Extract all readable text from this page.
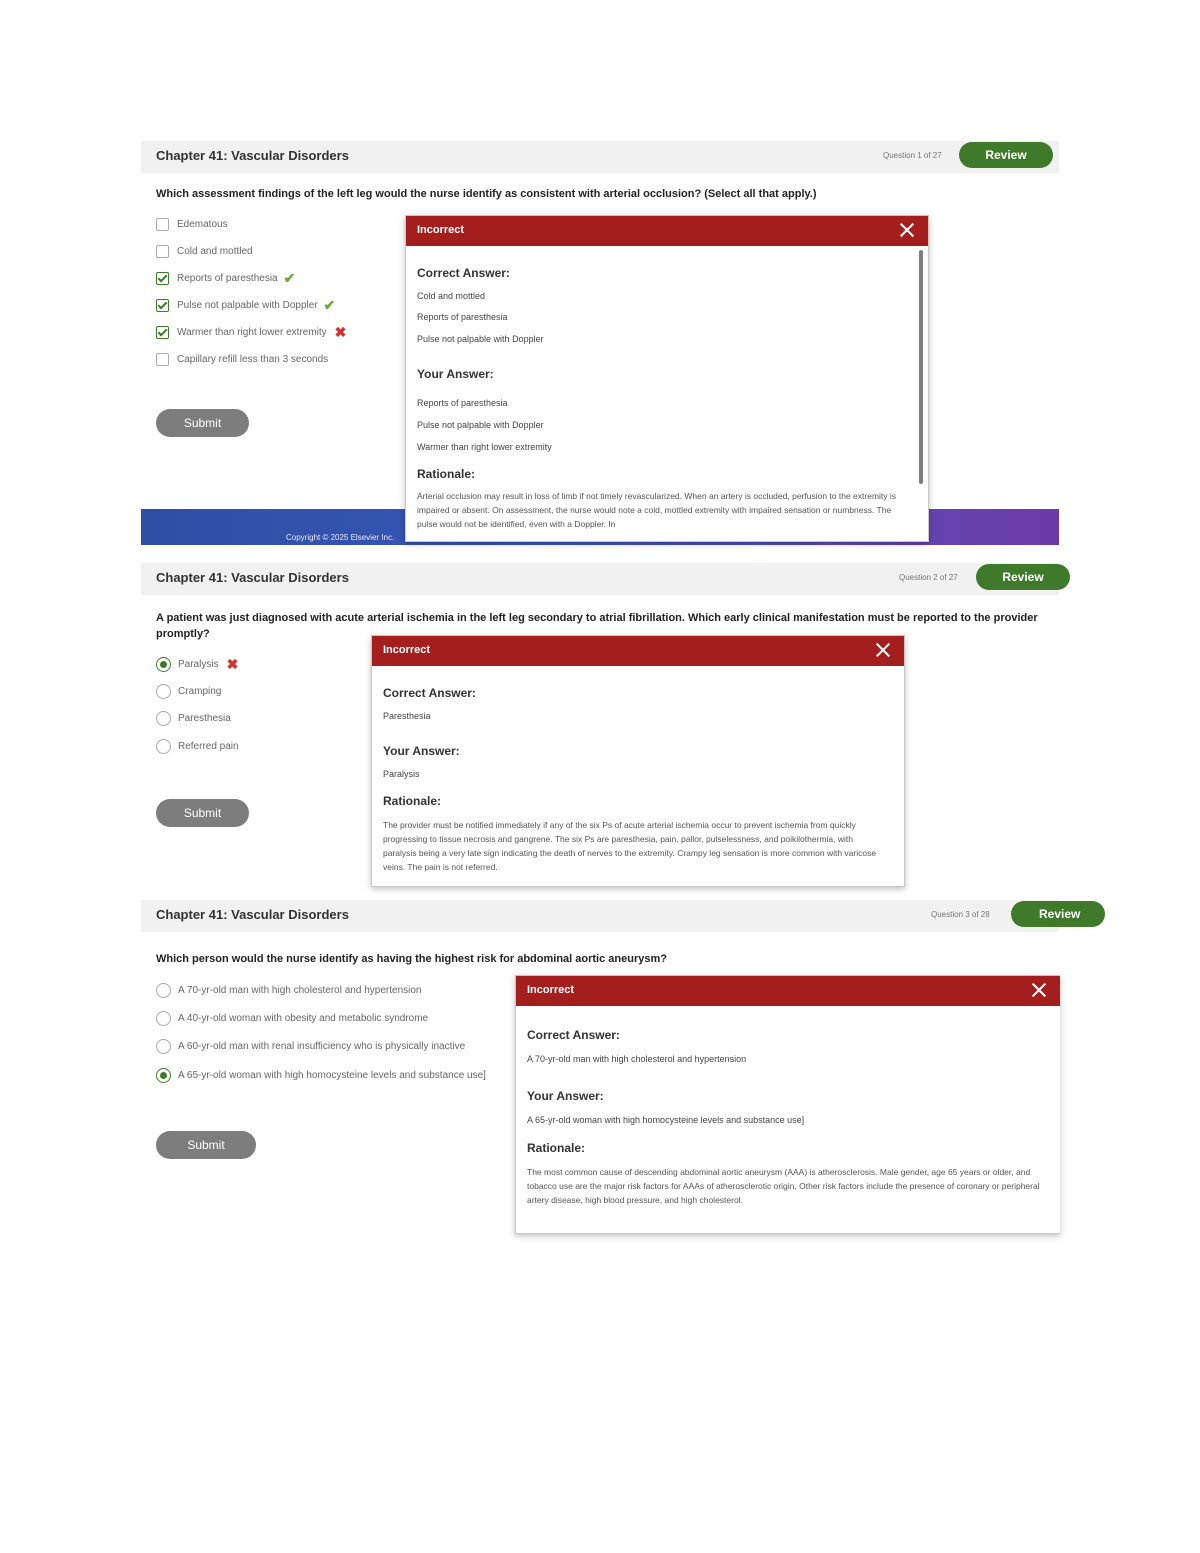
Chapter 41: Vascular Disorders	Question 1 of 27	Review
Which assessment findings of the left leg would the nurse identify as consistent with arterial occlusion? (Select all that apply.)
Edematous
Cold and mottled
Reports of paresthesia ✔
Pulse not palpable with Doppler ✔
Warmer than right lower extremity ✖
Capillary refill less than 3 seconds
Submit
Copyright © 2025 Elsevier Inc.
Incorrect
Correct Answer:
Cold and mottled
Reports of paresthesia
Pulse not palpable with Doppler
Your Answer:
Reports of paresthesia
Pulse not palpable with Doppler
Warmer than right lower extremity
Rationale:
Arterial occlusion may result in loss of limb if not timely revascularized. When an artery is occluded, perfusion to the extremity is impaired or absent. On assessment, the nurse would note a cold, mottled extremity with impaired sensation or numbness. The pulse would not be identified, even with a Doppler. In
Chapter 41: Vascular Disorders	Question 2 of 27	Review
A patient was just diagnosed with acute arterial ischemia in the left leg secondary to atrial fibrillation. Which early clinical manifestation must be reported to the provider promptly?
Paralysis ✖
Cramping
Paresthesia
Referred pain
Submit
Incorrect
Correct Answer:
Paresthesia
Your Answer:
Paralysis
Rationale:
The provider must be notified immediately if any of the six Ps of acute arterial ischemia occur to prevent ischemia from quickly progressing to tissue necrosis and gangrene. The six Ps are paresthesia, pain, pallor, pulselessness, and poikilothermia, with paralysis being a very late sign indicating the death of nerves to the extremity. Crampy leg sensation is more common with varicose veins. The pain is not referred.
Chapter 41: Vascular Disorders	Question 3 of 28	Review
Which person would the nurse identify as having the highest risk for abdominal aortic aneurysm?
A 70-yr-old man with high cholesterol and hypertension
A 40-yr-old woman with obesity and metabolic syndrome
A 60-yr-old man with renal insufficiency who is physically inactive
A 65-yr-old woman with high homocysteine levels and substance use]
Submit
Incorrect
Correct Answer:
A 70-yr-old man with high cholesterol and hypertension
Your Answer:
A 65-yr-old woman with high homocysteine levels and substance use]
Rationale:
The most common cause of descending abdominal aortic aneurysm (AAA) is atherosclerosis. Male gender, age 65 years or older, and tobacco use are the major risk factors for AAAs of atherosclerotic origin. Other risk factors include the presence of coronary or peripheral artery disease, high blood pressure, and high cholesterol.
